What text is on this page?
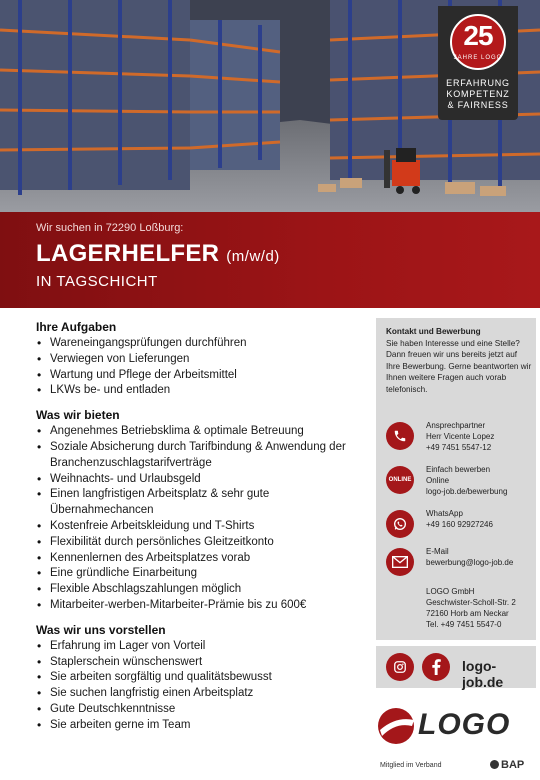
25
JAHRE LOGO
ERFAHRUNG
KOMPETENZ
& FAIRNESS
Wir suchen in 72290 Loßburg:
LAGERHELFER (m/w/d)
IN TAGSCHICHT
Ihre Aufgaben
• Wareneingangsprüfungen durchführen
• Verwiegen von Lieferungen
• Wartung und Pflege der Arbeitsmittel
• LKWs be- und entladen
Was wir bieten
• Angenehmes Betriebsklima & optimale Betreuung
• Soziale Absicherung durch Tarifbindung & Anwendung der Branchenzuschlagstarifverträge
• Weihnachts- und Urlaubsgeld
• Einen langfristigen Arbeitsplatz & sehr gute Übernahmechancen
• Kostenfreie Arbeitskleidung und T-Shirts
• Flexibilität durch persönliches Gleitzeitkonto
• Kennenlernen des Arbeitsplatzes vorab
• Eine gründliche Einarbeitung
• Flexible Abschlagszahlungen möglich
• Mitarbeiter-werben-Mitarbeiter-Prämie bis zu 600€
Was wir uns vorstellen
• Erfahrung im Lager von Vorteil
• Staplerschein wünschenswert
• Sie arbeiten sorgfältig und qualitätsbewusst
• Sie suchen langfristig einen Arbeitsplatz
• Gute Deutschkenntnisse
• Sie arbeiten gerne im Team
Kontakt und Bewerbung
Sie haben Interesse und eine Stelle? Dann freuen wir uns bereits jetzt auf Ihre Bewerbung. Gerne beantworten wir Ihnen weitere Fragen auch vorab telefonisch.
Ansprechpartner
Herr Vicente Lopez
+49 7451 5547-12
ONLINE
Einfach bewerben
Online
logo-job.de/bewerbung
WhatsApp
+49 160 92927246
E-Mail
bewerbung@logo-job.de
LOGO GmbH
Geschwister-Scholl-Str. 2
72160 Horb am Neckar
Tel. +49 7451 5547-0
logo-job.de
LOGO
Mitglied im Verband	BAP
